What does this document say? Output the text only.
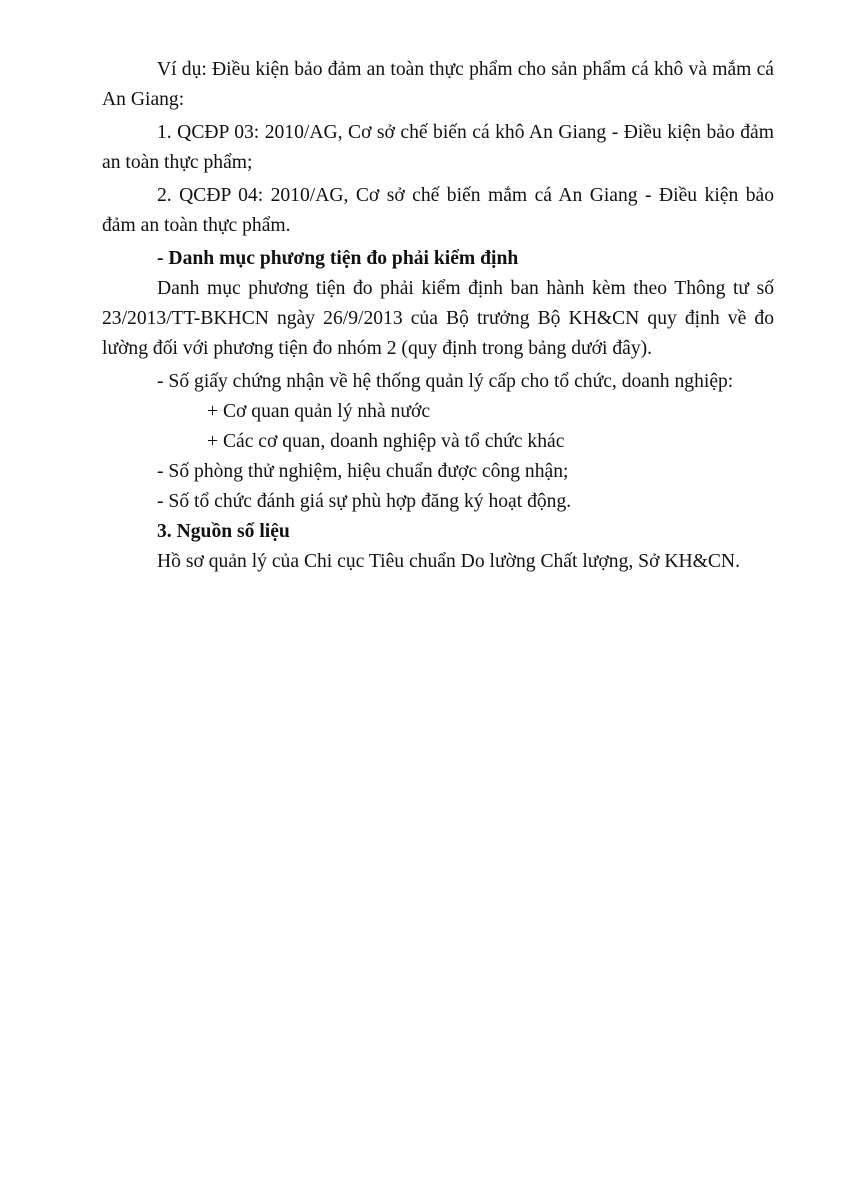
Ví dụ: Điều kiện bảo đảm an toàn thực phẩm cho sản phẩm cá khô và mắm cá An Giang:

1. QCĐP 03: 2010/AG, Cơ sở chế biến cá khô An Giang - Điều kiện bảo đảm an toàn thực phẩm;

2. QCĐP 04: 2010/AG, Cơ sở chế biến mắm cá An Giang - Điều kiện bảo đảm an toàn thực phẩm.

- Danh mục phương tiện đo phải kiểm định

Danh mục phương tiện đo phải kiểm định ban hành kèm theo Thông tư số 23/2013/TT-BKHCN ngày 26/9/2013 của Bộ trưởng Bộ KH&CN quy định về đo lường đối với phương tiện đo nhóm 2 (quy định trong bảng dưới đây).

- Số giấy chứng nhận về hệ thống quản lý cấp cho tổ chức, doanh nghiệp:

+ Cơ quan quản lý nhà nước

+ Các cơ quan, doanh nghiệp và tổ chức khác

- Số phòng thử nghiệm, hiệu chuẩn được công nhận;

- Số tổ chức đánh giá sự phù hợp đăng ký hoạt động.

3. Nguồn số liệu

Hồ sơ quản lý của Chi cục Tiêu chuẩn Do lường Chất lượng, Sở KH&CN.
